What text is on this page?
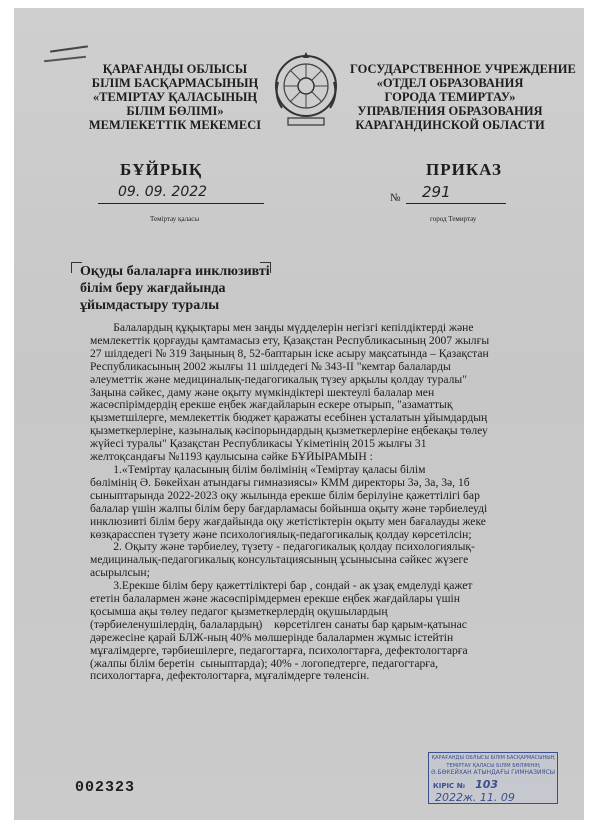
ҚАРАҒАНДЫ ОБЛЫСЫ
БІЛІМ БАСҚАРМАСЫНЫҢ
«ТЕМІРТАУ ҚАЛАСЫНЫҢ
БІЛІМ БӨЛІМІ»
МЕМЛЕКЕТТІК МЕКЕМЕСІ
ГОСУДАРСТВЕННОЕ УЧРЕЖДЕНИЕ
«ОТДЕЛ ОБРАЗОВАНИЯ
ГОРОДА ТЕМИРТАУ»
УПРАВЛЕНИЯ ОБРАЗОВАНИЯ
КАРАГАНДИНСКОЙ ОБЛАСТИ
БҰЙРЫҚ	ПРИКАЗ
09. 09. 2022	№ 291
Теміртау қаласы	город Темиртау
Оқуды балаларға инклюзивті
білім беру жағдайында
ұйымдастыру туралы
Балалардың құқықтары мен заңды мүдделерін негізгі кепілдіктерді және
мемлекеттік қорғауды қамтамасыз ету, Қазақстан Республикасының 2007 жылғы
27 шілдедегі № 319 Заңының 8, 52-баптарын іске асыру мақсатында – Қазақстан
Республикасының 2002 жылғы 11 шілдедегі № 343-ІІ "кемтар балаларды
әлеуметтік және медициналық-педагогикалық түзеу арқылы қолдау туралы"
Заңына сәйкес, даму және оқыту мүмкіндіктері шектеулі балалар мен
жасөспірімдердің ерекше еңбек жағдайларын ескере отырып, "азаматтық
қызметшілерге, мемлекеттік бюджет қаражаты есебінен ұсталатын ұйымдардың
қызметкерлеріне, казыналық кәсіпорындардың қызметкерлеріне еңбекақы төлеу
жүйесі туралы" Қазақстан Республикасы Үкіметінің 2015 жылғы 31
желтоқсандағы №1193 қаулысына сәйке БҰЙЫРАМЫН :
1.«Теміртау қаласының білім бөлімінің «Теміртау қаласы білім
бөлімінің Ә. Бөкейхан атындағы гимназиясы» КММ директоры 3ә, 3а, 3ә, 1б
сыныптарында 2022-2023 оқу жылында ерекше білім берілуіне қажеттілігі бар
балалар үшін жалпы білім беру бағдарламасы бойынша оқыту және тәрбиелеуді
инклюзивті білім беру жағдайында оқу жетістіктерін оқыту мен бағалауды жеке
көзқарасспен түзету және психологиялық-педагогикалық қолдау көрсетілсін;
2. Оқыту және тәрбиелеу, түзету - педагогикалық қолдау психологиялық-
медициналық-педагогикалық консультациясының ұсынысына сәйкес жүзеге
асырылсын;
3.Ерекше білім беру қажеттіліктері бар , сондай - ак ұзақ емделуді қажет
ететін балалармен және жасөспірімдермен ерекше еңбек жағдайлары үшін
қосымша ақы төлеу педагог қызметкерлердің оқушылардың
(тәрбиеленушілердің, балалардың)    көрсетілген санаты бар қарым-қатынас
дәрежесіне қарай БЛЖ-ның 40% мөлшерінде балалармен жұмыс істейтін
мұғалімдерге, тәрбиешілерге, педагогтарға, психологтарға, дефектологтарға
(жалпы білім беретін  сыныптарда); 40% - логопедтерге, педагогтарға,
психологтарға, дефектологтарға, мұғалімдерге төленсін.
002323
ҚАРАҒАНДЫ ОБЛЫСЫ БІЛІМ БАСҚАРМАСЫНЫҢ
ТЕМІРТАУ ҚАЛАСЫ БІЛІМ БӨЛІМІНІҢ
Ә.БӨКЕЙХАН АТЫНДАҒЫ ГИМНАЗИЯСЫ
КІРІС № 103
2022ж. 11. 09
